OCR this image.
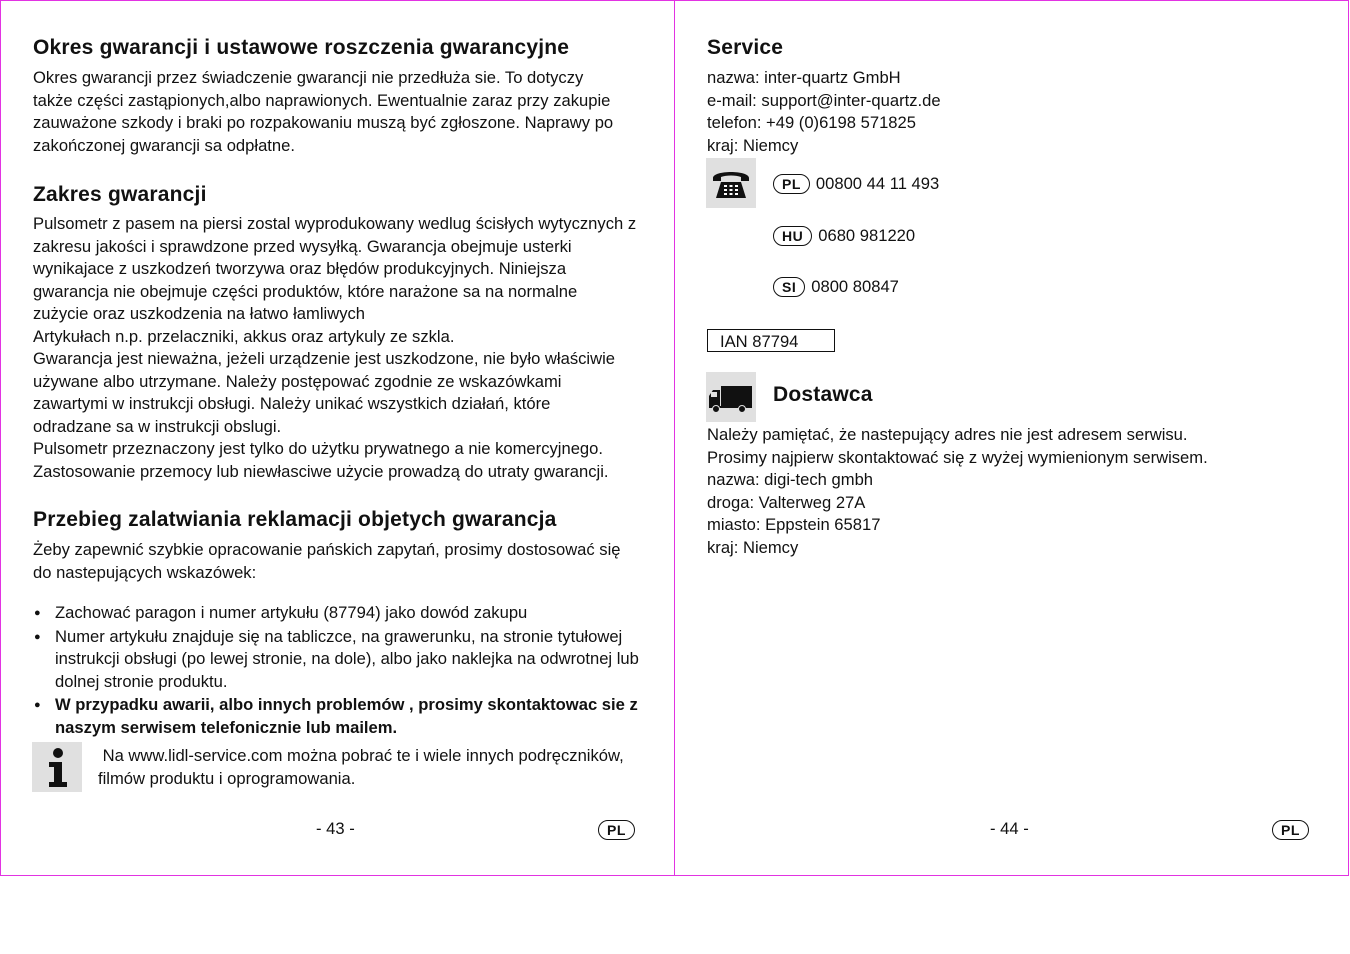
Okres gwarancji i ustawowe roszczenia gwarancyjne
Okres gwarancji przez świadczenie gwarancji nie przedłuża sie. To dotyczy
także części zastąpionych,albo naprawionych. Ewentualnie zaraz przy zakupie
zauważone szkody i braki po rozpakowaniu muszą być zgłoszone. Naprawy po
zakończonej gwarancji sa odpłatne.
Zakres gwarancji
Pulsometr z pasem na piersi zostal wyprodukowany wedlug ścisłych wytycznych z
zakresu jakości i sprawdzone przed wysyłką. Gwarancja obejmuje usterki
wynikajace z uszkodzeń tworzywa oraz błędów produkcyjnych. Niniejsza
gwarancja nie obejmuje części produktów, które narażone sa na normalne
zużycie oraz uszkodzenia na łatwo łamliwych
Artykułach n.p. przelaczniki, akkus oraz artykuly ze szkla.
Gwarancja jest nieważna, jeżeli urządzenie jest uszkodzone, nie było właściwie
używane albo utrzymane. Należy postępować zgodnie ze wskazówkami
zawartymi w instrukcji obsługi. Należy unikać wszystkich działań, które
odradzane sa w instrukcji obslugi.
Pulsometr przeznaczony jest tylko do użytku prywatnego a nie komercyjnego.
Zastosowanie przemocy lub niewłasciwe użycie prowadzą do utraty gwarancji.
Przebieg zalatwiania reklamacji objetych gwarancja
Żeby zapewnić szybkie opracowanie pańskich zapytań, prosimy dostosować się
do nastepujących wskazówek:
● Zachować paragon i numer artykułu (87794) jako dowód zakupu
● Numer artykułu znajduje się na tabliczce, na grawerunku, na stronie tytułowej instrukcji obsługi (po lewej stronie, na dole), albo jako naklejka na odwrotnej lub dolnej stronie produktu.
● W przypadku awarii, albo innych problemów , prosimy skontaktowac sie z naszym serwisem telefonicznie lub mailem.
Na www.lidl-service.com można pobrać te i wiele innych podręczników,
filmów produktu i oprogramowania.
- 43 -	PL
Service
nazwa: inter-quartz GmbH
e-mail: support@inter-quartz.de
telefon: +49 (0)6198 571825
kraj: Niemcy
PL 00800 44 11 493
HU 0680 981220
SI 0800 80847
IAN 87794
Dostawca
Należy pamiętać, że nastepujący adres nie jest adresem serwisu.
Prosimy najpierw skontaktować się z wyżej wymienionym serwisem.
nazwa: digi-tech gmbh
droga: Valterweg 27A
miasto: Eppstein 65817
kraj: Niemcy
- 44 -	PL
